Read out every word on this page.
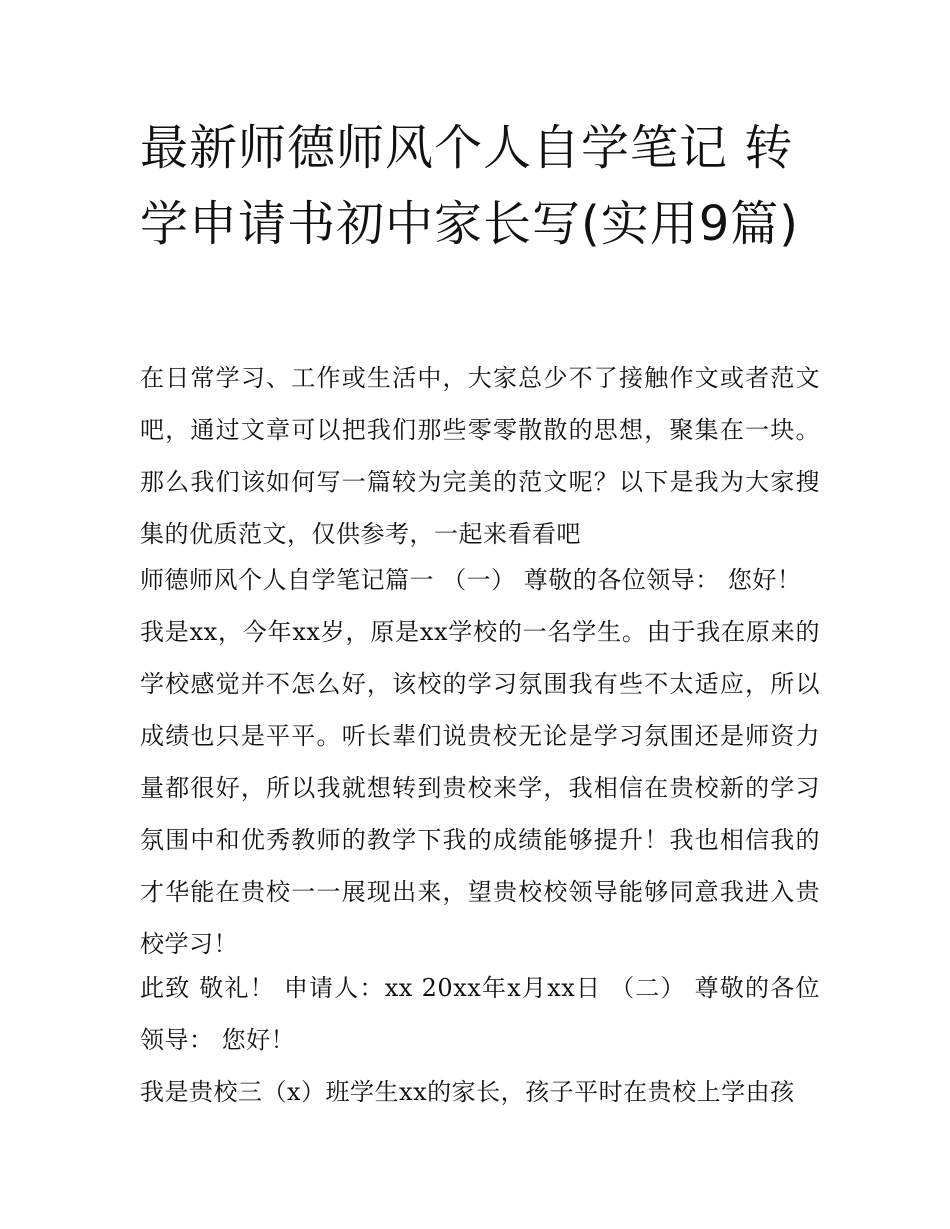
最新师德师风个人自学笔记 转学申请书初中家长写(实用9篇)

在日常学习、工作或生活中，大家总少不了接触作文或者范文吧，通过文章可以把我们那些零零散散的思想，聚集在一块。那么我们该如何写一篇较为完美的范文呢？以下是我为大家搜集的优质范文，仅供参考，一起来看看吧

师德师风个人自学笔记篇一 （一） 尊敬的各位领导： 您好！

我是xx，今年xx岁，原是xx学校的一名学生。由于我在原来的学校感觉并不怎么好，该校的学习氛围我有些不太适应，所以成绩也只是平平。听长辈们说贵校无论是学习氛围还是师资力量都很好，所以我就想转到贵校来学，我相信在贵校新的学习氛围中和优秀教师的教学下我的成绩能够提升！我也相信我的才华能在贵校一一展现出来，望贵校校领导能够同意我进入贵校学习！

此致 敬礼！ 申请人：xx 20xx年x月xx日 （二） 尊敬的各位领导： 您好！

我是贵校三（x）班学生xx的家长，孩子平时在贵校上学由孩
